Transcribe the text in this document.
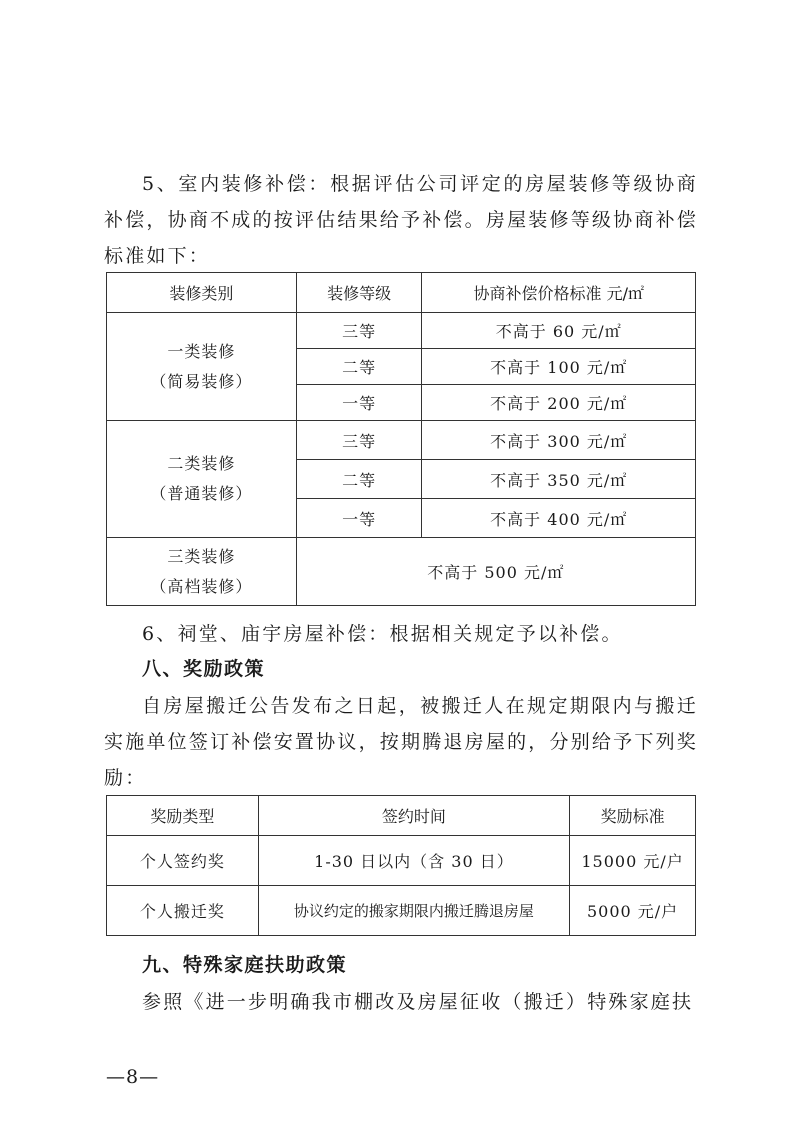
5、室内装修补偿：根据评估公司评定的房屋装修等级协商补偿，协商不成的按评估结果给予补偿。房屋装修等级协商补偿标准如下：
装修类别	装修等级	协商补偿价格标准 元/㎡
一类装修
（简易装修）	三等	不高于 60 元/㎡
	二等	不高于 100 元/㎡
	一等	不高于 200 元/㎡
二类装修
（普通装修）	三等	不高于 300 元/㎡
	二等	不高于 350 元/㎡
	一等	不高于 400 元/㎡
三类装修
（高档装修）	不高于 500 元/㎡	
6、祠堂、庙宇房屋补偿：根据相关规定予以补偿。
八、奖励政策
自房屋搬迁公告发布之日起，被搬迁人在规定期限内与搬迁实施单位签订补偿安置协议，按期腾退房屋的，分别给予下列奖励：
奖励类型	签约时间	奖励标准
个人签约奖	1-30 日以内（含 30 日）	15000 元/户
个人搬迁奖	协议约定的搬家期限内搬迁腾退房屋	5000 元/户
九、特殊家庭扶助政策
参照《进一步明确我市棚改及房屋征收（搬迁）特殊家庭扶
—8—
